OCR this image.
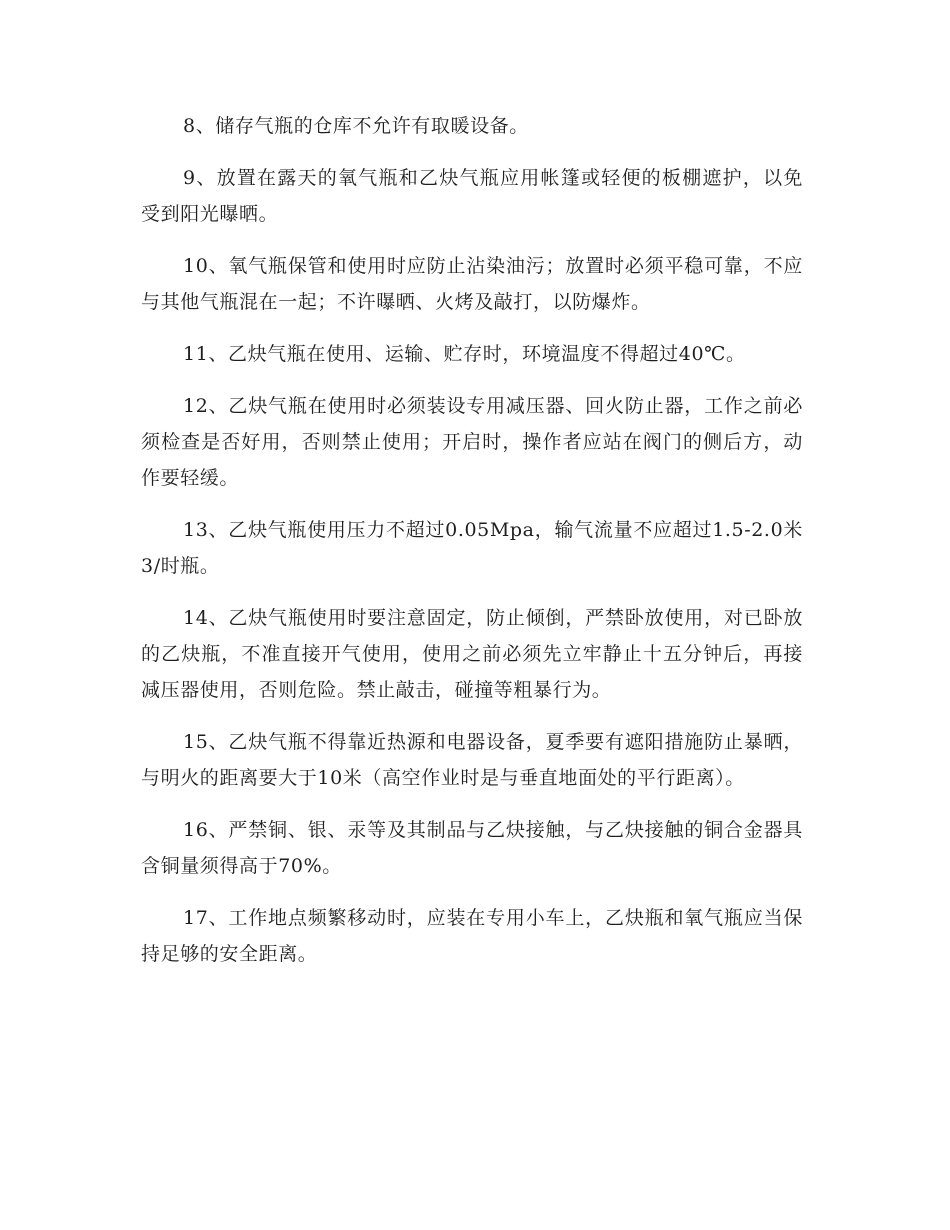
8、储存气瓶的仓库不允许有取暖设备。

9、放置在露天的氧气瓶和乙炔气瓶应用帐篷或轻便的板棚遮护，以免受到阳光曝晒。

10、氧气瓶保管和使用时应防止沾染油污；放置时必须平稳可靠，不应与其他气瓶混在一起；不许曝晒、火烤及敲打，以防爆炸。

11、乙炔气瓶在使用、运输、贮存时，环境温度不得超过40℃。

12、乙炔气瓶在使用时必须装设专用减压器、回火防止器，工作之前必须检查是否好用，否则禁止使用；开启时，操作者应站在阀门的侧后方，动作要轻缓。

13、乙炔气瓶使用压力不超过0.05Mpa，输气流量不应超过1.5-2.0米3/时瓶。

14、乙炔气瓶使用时要注意固定，防止倾倒，严禁卧放使用，对已卧放的乙炔瓶，不准直接开气使用，使用之前必须先立牢静止十五分钟后，再接减压器使用，否则危险。禁止敲击，碰撞等粗暴行为。

15、乙炔气瓶不得靠近热源和电器设备，夏季要有遮阳措施防止暴晒，与明火的距离要大于10米（高空作业时是与垂直地面处的平行距离）。

16、严禁铜、银、汞等及其制品与乙炔接触，与乙炔接触的铜合金器具含铜量须得高于70%。

17、工作地点频繁移动时，应装在专用小车上，乙炔瓶和氧气瓶应当保持足够的安全距离。
